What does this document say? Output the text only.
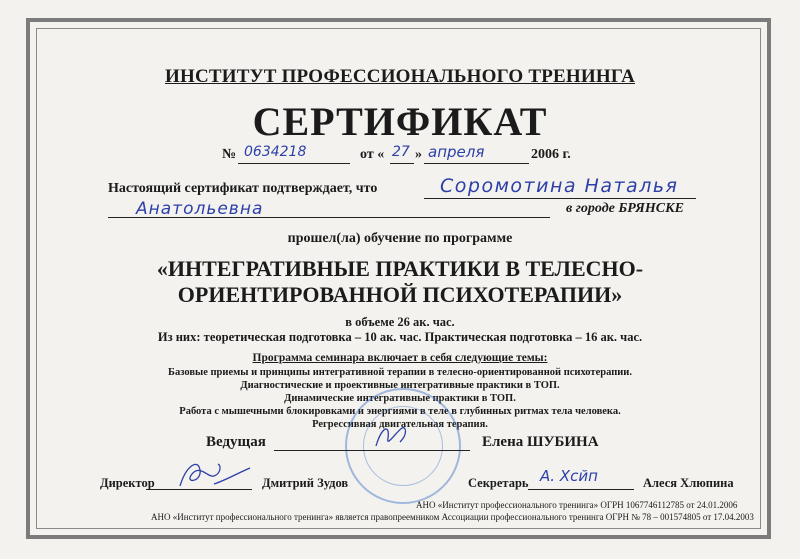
ИНСТИТУТ ПРОФЕССИОНАЛЬНОГО ТРЕНИНГА
СЕРТИФИКАТ
№ 0634218	от « 27 » апреля	2006 г.
Настоящий сертификат подтверждает, что	Соромотина Наталья
Анатольевна	в городе БРЯНСКЕ
прошел(ла) обучение по программе
«ИНТЕГРАТИВНЫЕ ПРАКТИКИ В ТЕЛЕСНО-
ОРИЕНТИРОВАННОЙ ПСИХОТЕРАПИИ»
в объеме 26 ак. час.
Из них: теоретическая подготовка – 10 ак. час. Практическая подготовка – 16 ак. час.
Программа семинара включает в себя следующие темы:
Базовые приемы и принципы интегративной терапии в телесно-ориентированной психотерапии.
Диагностические и проективные интегративные практики в ТОП.
Динамические интегративные практики в ТОП.
Работа с мышечными блокировками и энергиями в теле в глубинных ритмах тела человека.
Регрессивная двигательная терапия.
Ведущая	Елена ШУБИНА
Директор	Дмитрий Зудов	Секретарь А. Хсйп	Алеся Хлюпина
АНО «Институт профессионального тренинга» ОГРН 1067746112785 от 24.01.2006
АНО «Институт профессионального тренинга» является правопреемником Ассоциации профессионального тренинга ОГРН № 78 – 001574805 от 17.04.2003
